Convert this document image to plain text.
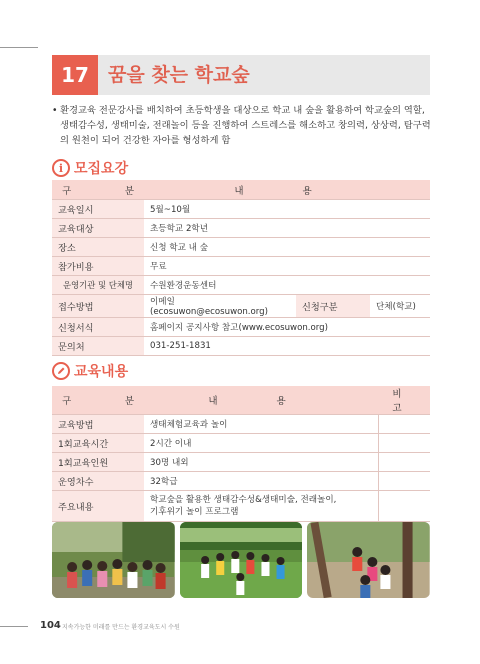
17	꿈을 찾는 학교숲
• 환경교육 전문강사를 배치하여 초등학생을 대상으로 학교 내 숲을 활용하여 학교숲의 역할, 생태감수성, 생태미술, 전래놀이 등을 진행하여 스트레스를 해소하고 창의력, 상상력, 탐구력의 원천이 되어 건강한 자아를 형성하게 함
i 모집요강
구 분	내 용		
교육일시	5월~10월		
교육대상	초등학교 2학년		
장소	신청 학교 내 숲		
참가비용	무료		
운영기관 및 단체명	수원환경운동센터		
접수방법	이메일(ecosuwon@ecosuwon.org)	신청구분	단체(학교)
신청서식	홈페이지 공지사항 참고(www.ecosuwon.org)		
문의처	031-251-1831		
교육내용
구 분	내 용	비 고
교육방법	생태체험교육과 놀이	
1회교육시간	2시간 이내	
1회교육인원	30명 내외	
운영차수	32학급	
주요내용	학교숲을 활용한 생태감수성&생태미술, 전래놀이, 기후위기 놀이 프로그램	
104 지속가능한 미래를 만드는 환경교육도시 수원
